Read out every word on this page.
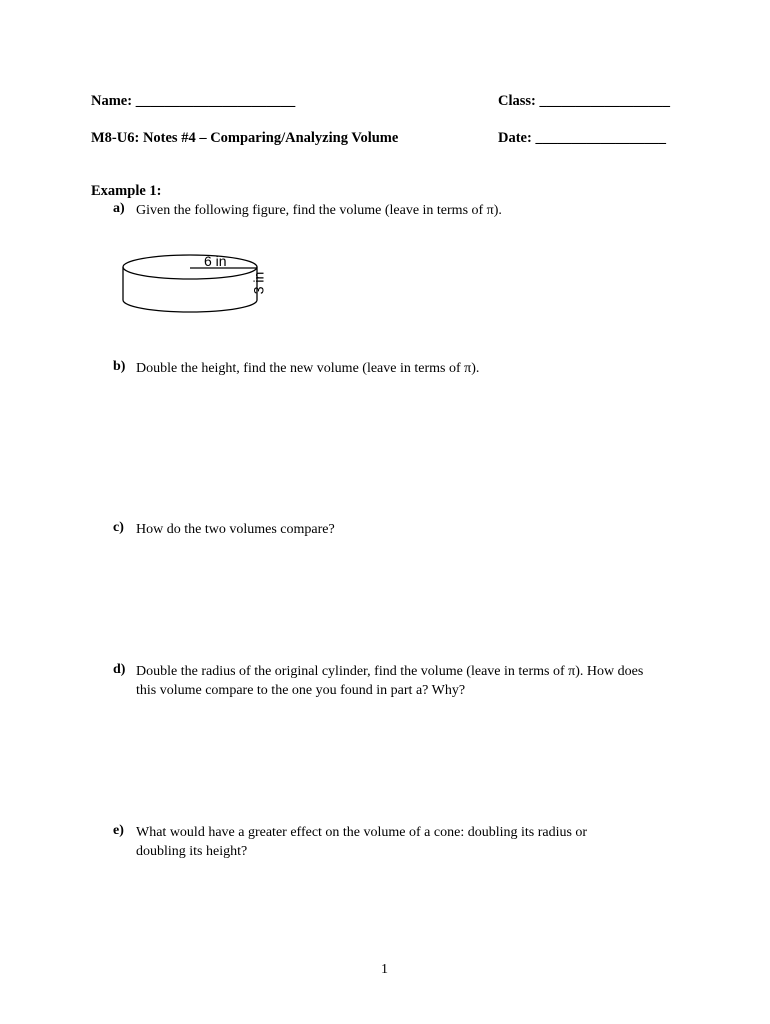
Name: ______________________	Class: __________________
M8-U6: Notes #4 – Comparing/Analyzing Volume	Date: __________________
Example 1:
a) Given the following figure, find the volume (leave in terms of π).
6 in
3 in
b) Double the height, find the new volume (leave in terms of π).
c) How do the two volumes compare?
d) Double the radius of the original cylinder, find the volume (leave in terms of π). How does this volume compare to the one you found in part a? Why?
e) What would have a greater effect on the volume of a cone: doubling its radius or doubling its height?
1
